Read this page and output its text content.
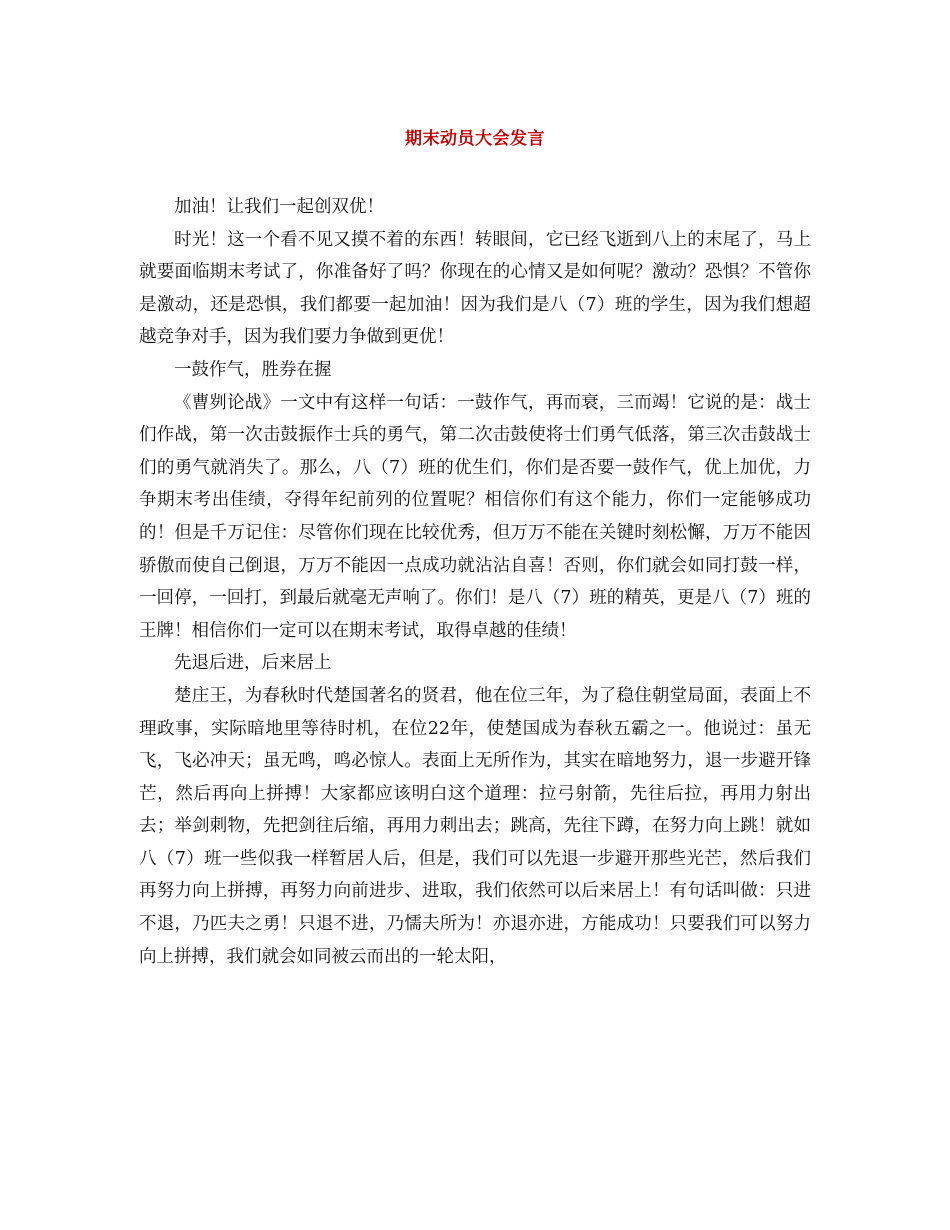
期末动员大会发言

加油！让我们一起创双优！

时光！这一个看不见又摸不着的东西！转眼间，它已经飞逝到八上的末尾了，马上就要面临期末考试了，你准备好了吗？你现在的心情又是如何呢？激动？恐惧？不管你是激动，还是恐惧，我们都要一起加油！因为我们是八（7）班的学生，因为我们想超越竞争对手，因为我们要力争做到更优！

一鼓作气，胜券在握

《曹刿论战》一文中有这样一句话：一鼓作气，再而衰，三而竭！它说的是：战士们作战，第一次击鼓振作士兵的勇气，第二次击鼓使将士们勇气低落，第三次击鼓战士们的勇气就消失了。那么，八（7）班的优生们，你们是否要一鼓作气，优上加优，力争期末考出佳绩，夺得年纪前列的位置呢？相信你们有这个能力，你们一定能够成功的！但是千万记住：尽管你们现在比较优秀，但万万不能在关键时刻松懈，万万不能因骄傲而使自己倒退，万万不能因一点成功就沾沾自喜！否则，你们就会如同打鼓一样，一回停，一回打，到最后就毫无声响了。你们！是八（7）班的精英，更是八（7）班的王牌！相信你们一定可以在期末考试，取得卓越的佳绩！

先退后进，后来居上

楚庄王，为春秋时代楚国著名的贤君，他在位三年，为了稳住朝堂局面，表面上不理政事，实际暗地里等待时机，在位22年，使楚国成为春秋五霸之一。他说过：虽无飞，飞必冲天；虽无鸣，鸣必惊人。表面上无所作为，其实在暗地努力，退一步避开锋芒，然后再向上拼搏！大家都应该明白这个道理：拉弓射箭，先往后拉，再用力射出去；举剑刺物，先把剑往后缩，再用力刺出去；跳高，先往下蹲，在努力向上跳！就如八（7）班一些似我一样暂居人后，但是，我们可以先退一步避开那些光芒，然后我们再努力向上拼搏，再努力向前进步、进取，我们依然可以后来居上！有句话叫做：只进不退，乃匹夫之勇！只退不进，乃懦夫所为！亦退亦进，方能成功！只要我们可以努力向上拼搏，我们就会如同被云而出的一轮太阳，
